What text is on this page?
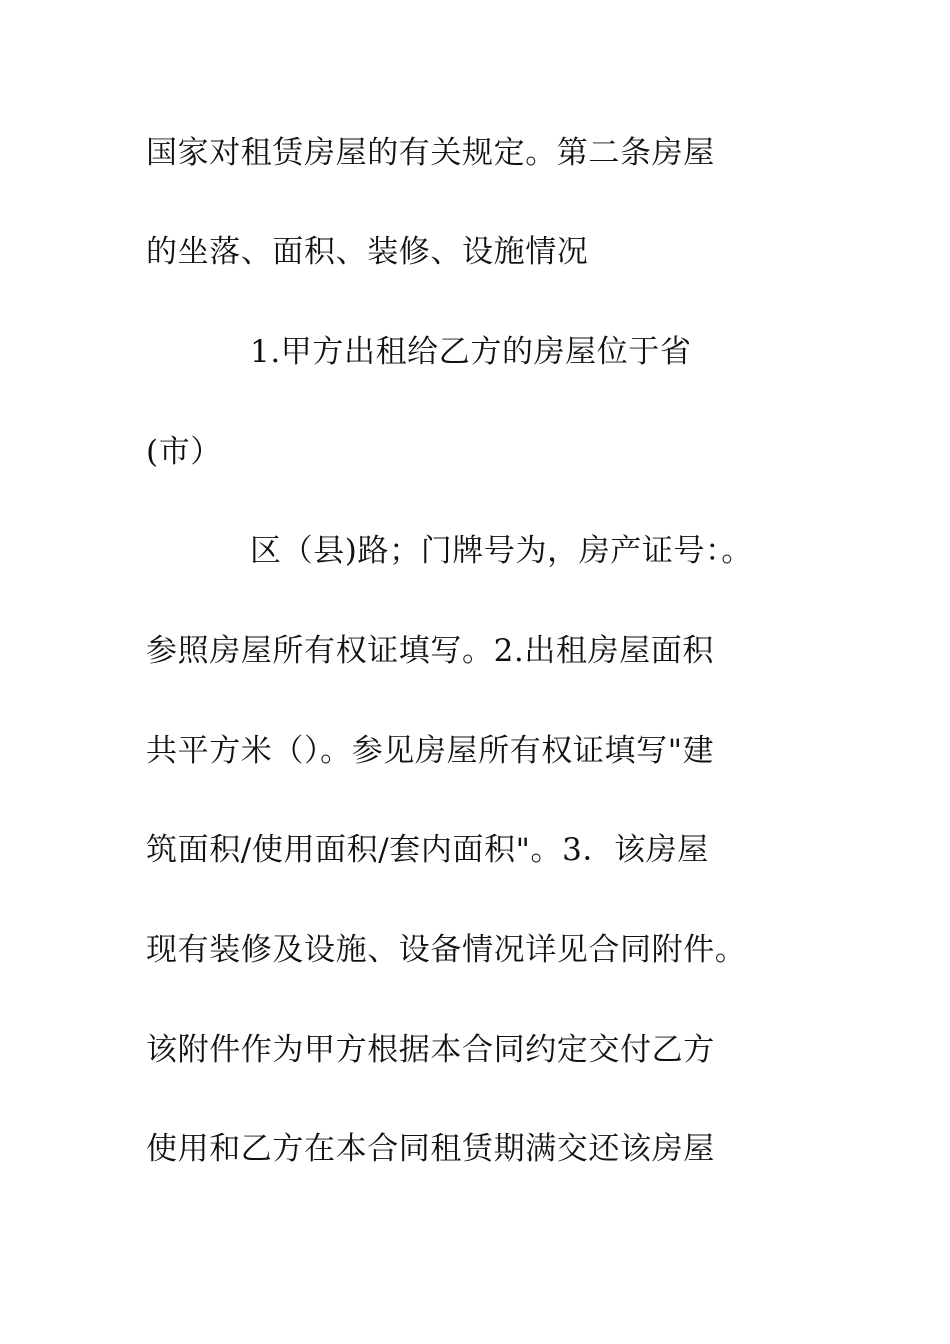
国家对租赁房屋的有关规定。第二条房屋
的坐落、面积、装修、设施情况
1.甲方出租给乙方的房屋位于省
(市）
区（县)路；门牌号为，房产证号：。
参照房屋所有权证填写。2.出租房屋面积
共平方米（）。参见房屋所有权证填写"建
筑面积/使用面积/套内面积"。3．该房屋
现有装修及设施、设备情况详见合同附件。
该附件作为甲方根据本合同约定交付乙方
使用和乙方在本合同租赁期满交还该房屋
